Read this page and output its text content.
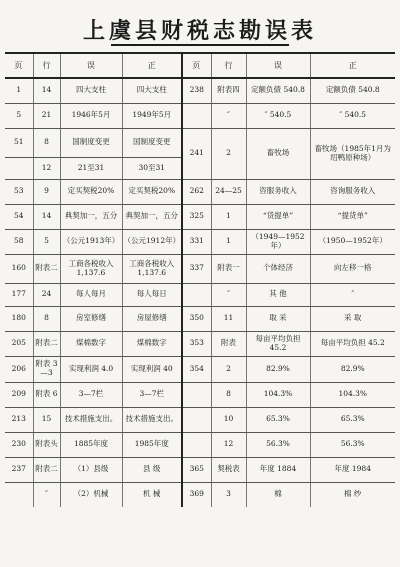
上虞县财税志勘误表
页	行	误	正	页	行	误	正
1	14	四大支柱	四大支柱	238	附表四	定额负债 540.8	定额负债 540.8
5	21	1946年5月	1949年5月		″	″ 540.5	″ 540.5
51	8	国制度变更	国制度变更	241	2	畜牧场	畜牧场（1985年1月为绍鸭原种场）
	12	21至31	30至31				
53	9	定买契税20%	定买契税20%	262	24—25	咨服务收入	咨询服务收入
54	14	典契加一，五分	典契加一，五分	325	1	“货提单”	“提货单”
58	5	（公元1913年）	（公元1912年）	331	1	（1949—1952年）	（1950—1952年）
160	附表二	工商各税收入 1,137.6	工商各税收入 1,137.6	337	附表一	个体经济	向左移一格
177	24	每人每月	每人每日		″	其 他	″
180	8	房室修缮	房屋修缮	350	11	取 采	采 取
205	附表二	煤棉数字	煤棉数字	353	附表	每亩平均负担 45.2	每亩平均负担 45.2
206	附表 3—3	实现利润 4.0	实现利润 40	354	2	82.9%	82.9%
209	附表 6	3—7栏	3—7栏		8	104.3%	104.3%
213	15	技术措施支出。	技术措施支出。		10	65.3%	65.3%
230	附表头	1885年度	1985年度		12	56.3%	56.3%
237	附表二	（1）县级	县 级	365	契税表	年度 1884	年度 1984
	″	（2）机械	机 械	369	3	棉	棉 纱
